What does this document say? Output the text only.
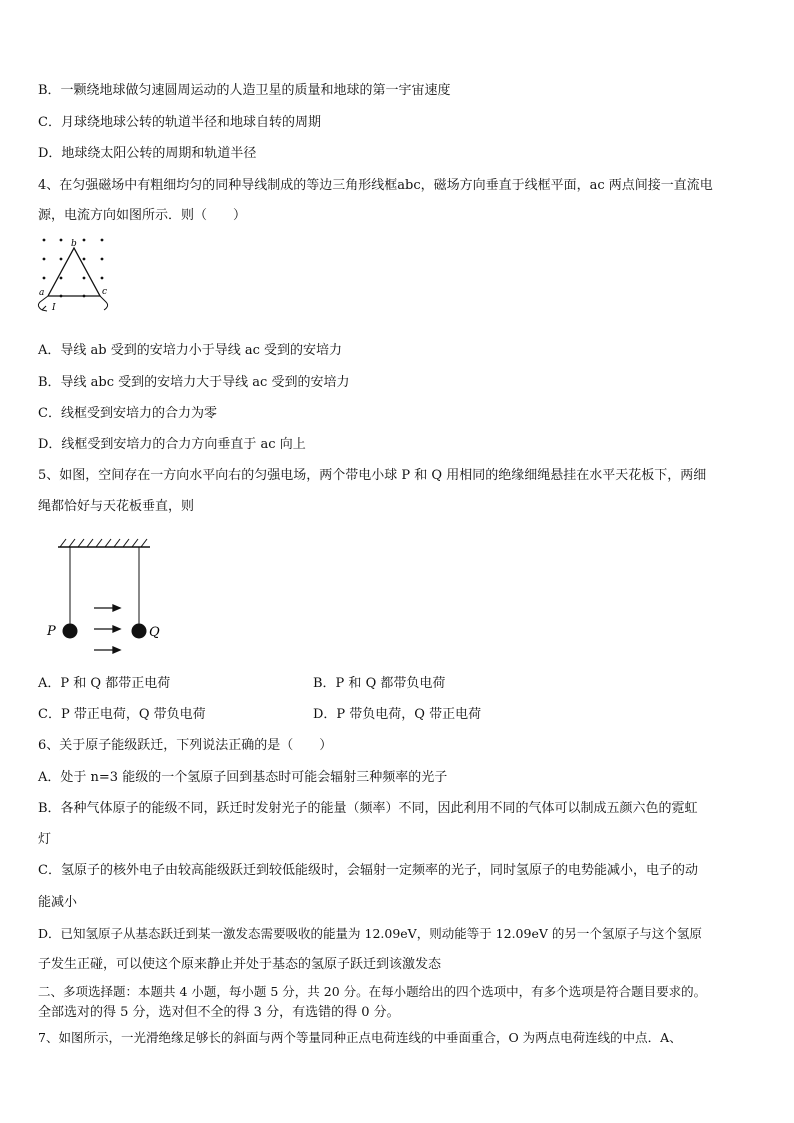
B．一颗绕地球做匀速圆周运动的人造卫星的质量和地球的第一宇宙速度
C．月球绕地球公转的轨道半径和地球自转的周期
D．地球绕太阳公转的周期和轨道半径
4、在匀强磁场中有粗细均匀的同种导线制成的等边三角形线框abc，磁场方向垂直于线框平面，ac 两点间接一直流电
源，电流方向如图所示．则（　　）
b
a	c
I
A．导线 ab 受到的安培力小于导线 ac 受到的安培力
B．导线 abc 受到的安培力大于导线 ac 受到的安培力
C．线框受到安培力的合力为零
D．线框受到安培力的合力方向垂直于 ac 向上
5、如图，空间存在一方向水平向右的匀强电场，两个带电小球 P 和 Q 用相同的绝缘细绳悬挂在水平天花板下，两细
绳都恰好与天花板垂直，则
P	Q
A．P 和 Q 都带正电荷	B．P 和 Q 都带负电荷
C．P 带正电荷，Q 带负电荷	D．P 带负电荷，Q 带正电荷
6、关于原子能级跃迁，下列说法正确的是（　　）
A．处于 n=3 能级的一个氢原子回到基态时可能会辐射三种频率的光子
B．各种气体原子的能级不同，跃迁时发射光子的能量（频率）不同，因此利用不同的气体可以制成五颜六色的霓虹
灯
C．氢原子的核外电子由较高能级跃迁到较低能级时，会辐射一定频率的光子，同时氢原子的电势能减小，电子的动
能减小
D．已知氢原子从基态跃迁到某一激发态需要吸收的能量为 12.09eV，则动能等于 12.09eV 的另一个氢原子与这个氢原
子发生正碰，可以使这个原来静止并处于基态的氢原子跃迁到该激发态
二、多项选择题：本题共 4 小题，每小题 5 分，共 20 分。在每小题给出的四个选项中，有多个选项是符合题目要求的。
全部选对的得 5 分，选对但不全的得 3 分，有选错的得 0 分。
7、如图所示，一光滑绝缘足够长的斜面与两个等量同种正点电荷连线的中垂面重合，O 为两点电荷连线的中点．A、
